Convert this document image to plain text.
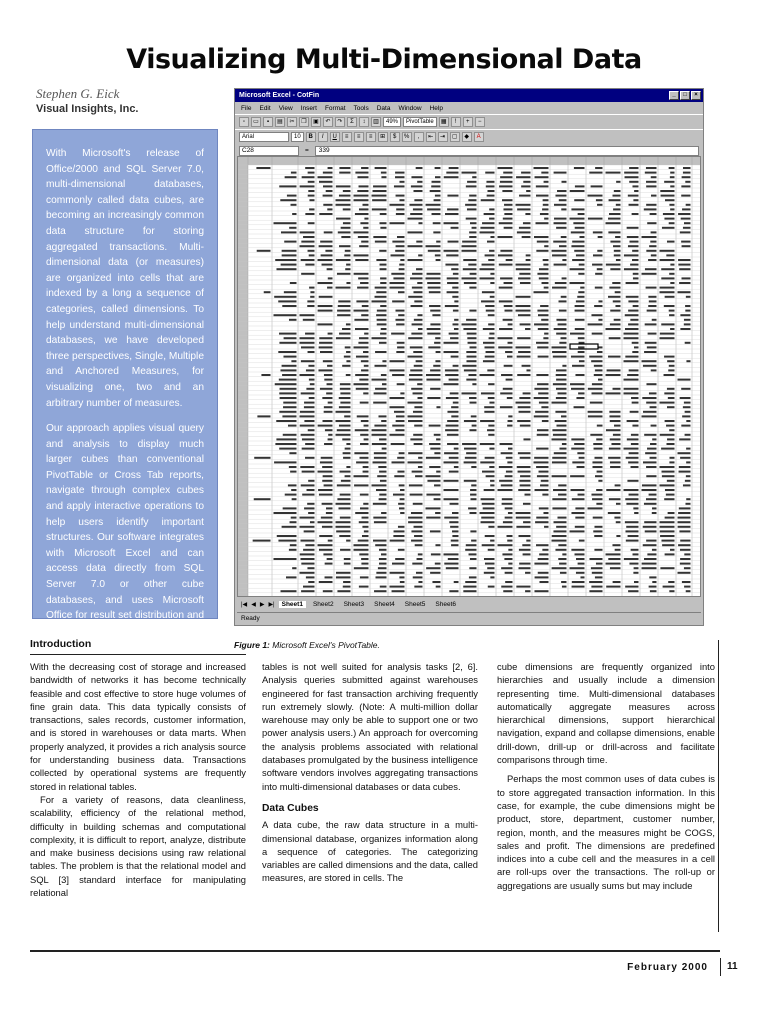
Visualizing Multi-Dimensional Data
Stephen G. Eick
Visual Insights, Inc.

With Microsoft's release of Office/2000 and SQL Server 7.0, multi-dimensional databases, commonly called data cubes, are becoming an increasingly common data structure for storing aggregated transactions. Multi-dimensional data (or measures) are organized into cells that are indexed by a long a sequence of categories, called dimensions. To help understand multi-dimensional databases, we have developed three perspectives, Single, Multiple and Anchored Measures, for visualizing one, two and an arbitrary number of measures.

Our approach applies visual query and analysis to display much larger cubes than conventional PivotTable or Cross Tab reports, navigate through complex cubes and apply interactive operations to help users identify important structures. Our software integrates with Microsoft Excel and can access data directly from SQL Server 7.0 or other cube databases, and uses Microsoft Office for result set distribution and reporting.

Microsoft Excel - CotFin	_	□	×
File Edit View Insert Format Tools Data Window Help
▫	▭	▪	▤	✂	❐	▣	↶	↷	Σ	↕	▥	49%	PivotTable	▦	!	+	−
Arial	10	B	I	U	≡	≡	≡	⊞	$	%	,	⇤	⇥	▢	◆	A
C28	=	339
|◀ ◀ ▶ ▶|	Sheet1	Sheet2	Sheet3	Sheet4	Sheet5	Sheet6
Ready
Introduction	Figure 1: Microsoft Excel's PivotTable.

With the decreasing cost of storage and increased bandwidth of networks it has become technically feasible and cost effective to store huge volumes of fine grain data. This data typically consists of transactions, sales records, customer information, and is stored in warehouses or data marts. When properly analyzed, it provides a rich analysis source for understanding business data. Transactions collected by operational systems are frequently stored in relational tables.

For a variety of reasons, data cleanliness, scalability, efficiency of the relational method, difficulty in building schemas and computational complexity, it is difficult to report, analyze, distribute and make business decisions using raw relational tables. The problem is that the relational model and SQL [3] standard interface for manipulating relational

tables is not well suited for analysis tasks [2, 6]. Analysis queries submitted against warehouses engineered for fast transaction archiving frequently run extremely slowly. (Note: A multi-million dollar warehouse may only be able to support one or two power analysis users.) An approach for overcoming the analysis problems associated with relational databases promulgated by the business intelligence software vendors involves aggregating transactions into multi-dimensional databases or data cubes.

Data Cubes

A data cube, the raw data structure in a multi-dimensional database, organizes information along a sequence of categories. The categorizing variables are called dimensions and the data, called measures, are stored in cells. The

cube dimensions are frequently organized into hierarchies and usually include a dimension representing time. Multi-dimensional databases automatically aggregate measures across hierarchical dimensions, support hierarchical navigation, expand and collapse dimensions, enable drill-down, drill-up or drill-across and facilitate comparisons through time.

Perhaps the most common uses of data cubes is to store aggregated transaction information. In this case, for example, the cube dimensions might be product, store, department, customer number, region, month, and the measures might be COGS, sales and profit. The dimensions are predefined indices into a cube cell and the measures in a cell are roll-ups over the transactions. The roll-up or aggregations are usually sums but may include

February 2000 11
